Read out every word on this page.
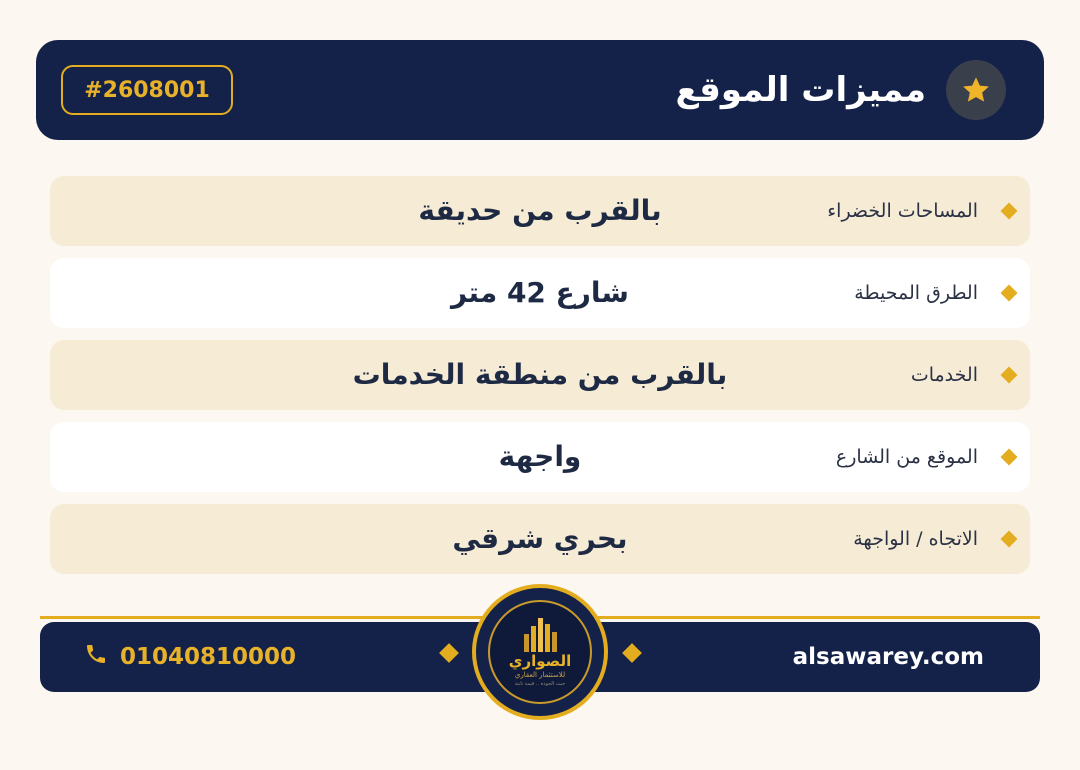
#2608001	مميزات الموقع
بالقرب من حديقة	المساحات الخضراء
شارع 42 متر	الطرق المحيطة
بالقرب من منطقة الخدمات	الخدمات
واجهة	الموقع من الشارع
بحري شرقي	الاتجاه / الواجهة
01040810000	alsawarey.com
الصواري
للاستثمار العقاري
حيث الجودة .. قيمة ثابتة
